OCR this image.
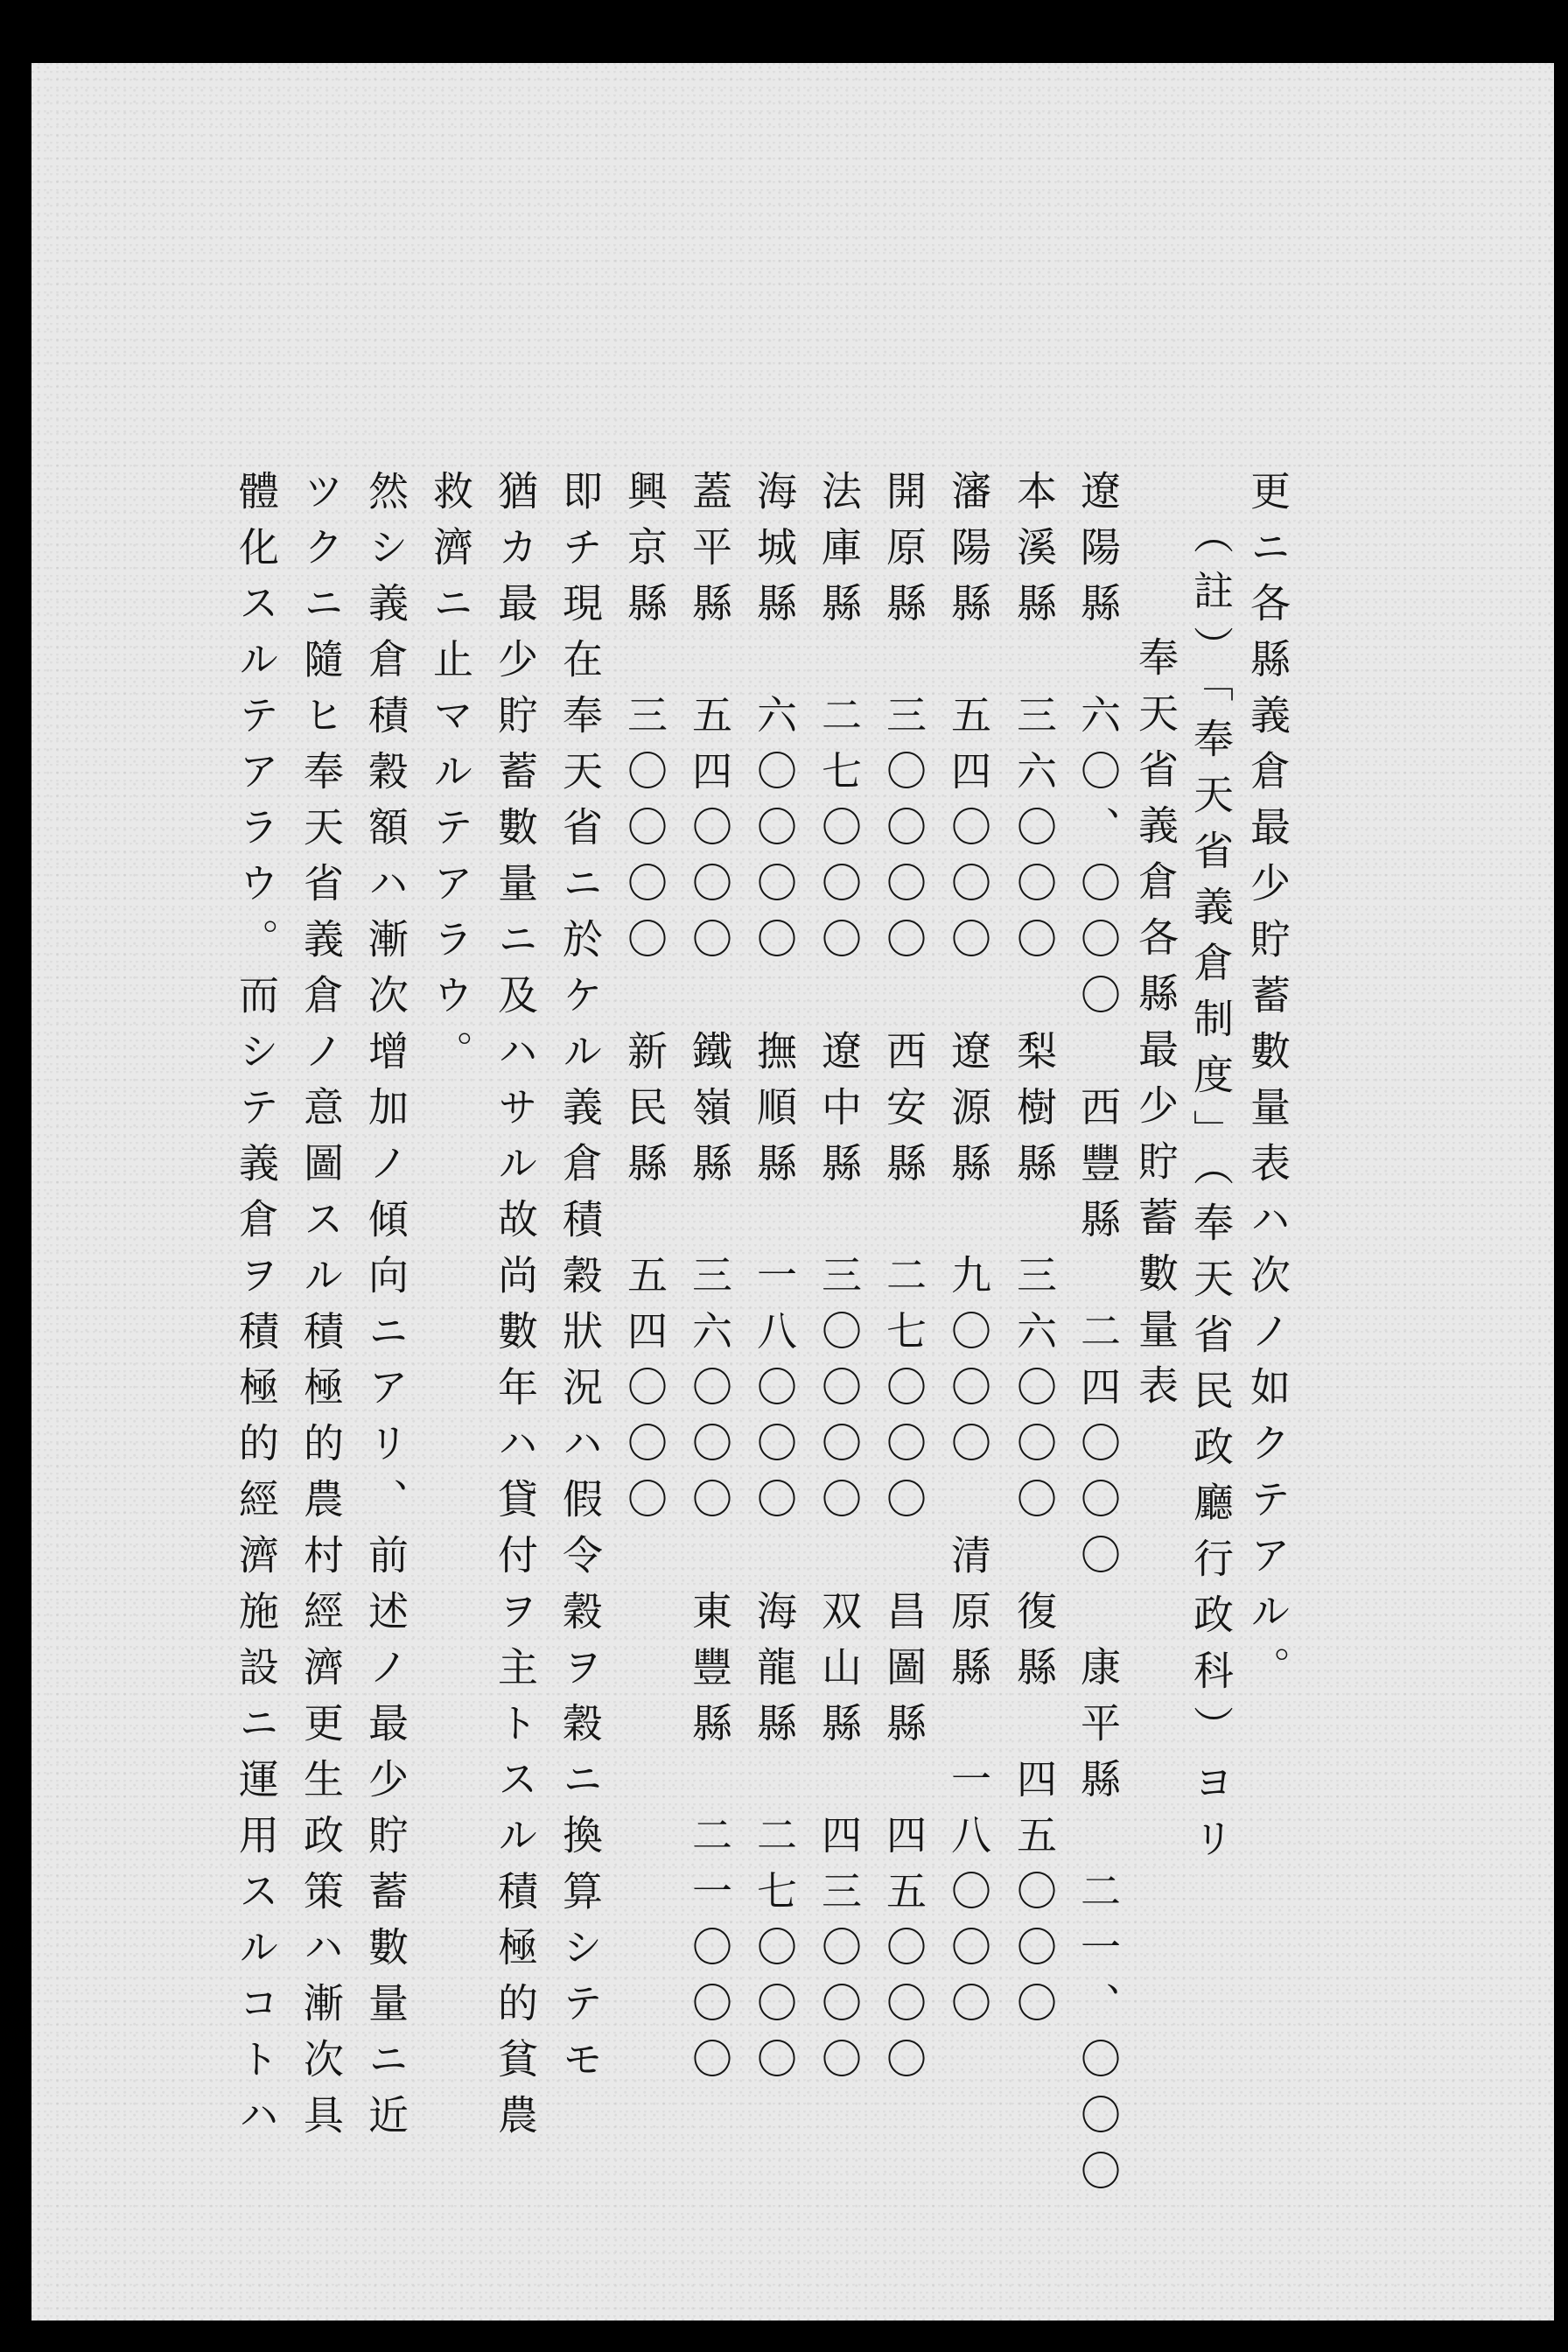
更ニ各縣義倉最少貯蓄數量表ハ次ノ如クテアル。
（註）「奉天省義倉制度」（奉天省民政廳行政科）ヨリ
奉天省義倉各縣最少貯蓄數量表
遼陽縣　六〇、〇〇〇　西豐縣　二四〇〇〇　康平縣　二一、〇〇〇
本溪縣　三六〇〇〇　梨樹縣　三六〇〇〇　復縣　四五〇〇〇
瀋陽縣　五四〇〇〇　遼源縣　九〇〇〇　清原縣　一八〇〇〇
開原縣　三〇〇〇〇　西安縣　二七〇〇〇　昌圖縣　四五〇〇〇
法庫縣　二七〇〇〇　遼中縣　三〇〇〇〇　双山縣　四三〇〇〇
海城縣　六〇〇〇〇　撫順縣　一八〇〇〇　海龍縣　二七〇〇〇
蓋平縣　五四〇〇〇　鐵嶺縣　三六〇〇〇　東豐縣　二一〇〇〇
興京縣　三〇〇〇〇　新民縣　五四〇〇〇
即チ現在奉天省ニ於ケル義倉積穀狀況ハ假令穀ヲ穀ニ換算シテモ
猶カ最少貯蓄數量ニ及ハサル故尚數年ハ貸付ヲ主トスル積極的貧農
救濟ニ止マルテアラウ。
然シ義倉積穀額ハ漸次增加ノ傾向ニアリ、前述ノ最少貯蓄數量ニ近
ツクニ隨ヒ奉天省義倉ノ意圖スル積極的農村經濟更生政策ハ漸次具
體化スルテアラウ。而シテ義倉ヲ積極的經濟施設ニ運用スルコトハ
